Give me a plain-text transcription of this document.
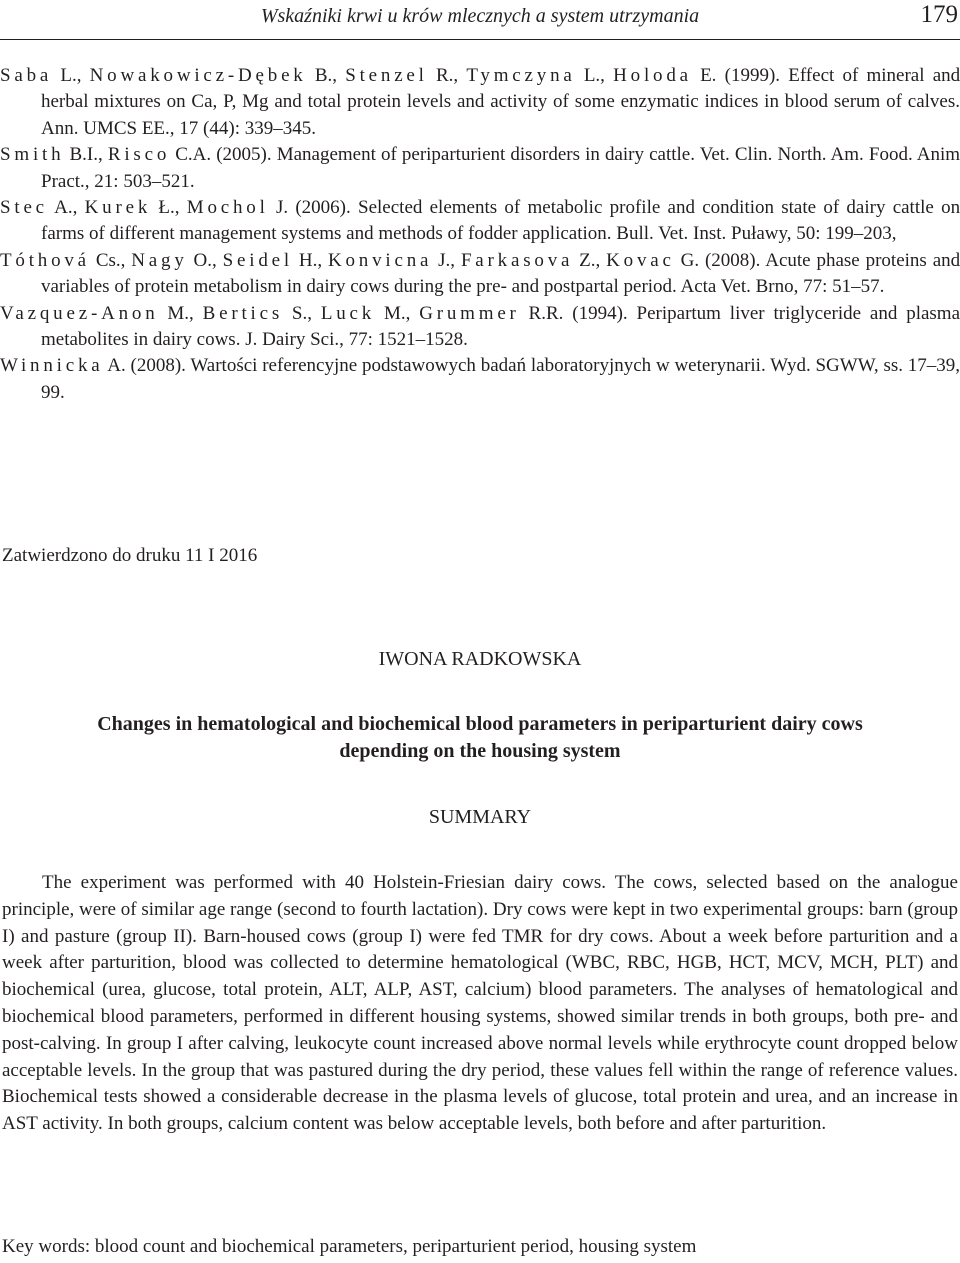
Wskaźniki krwi u krów mlecznych a system utrzymania	179
Saba L., Nowakowicz-Dębek B., Stenzel R., Tymczyna L., Holoda E. (1999). Effect of mineral and herbal mixtures on Ca, P, Mg and total protein levels and activity of some enzymatic indices in blood serum of calves. Ann. UMCS EE., 17 (44): 339–345.
Smith B.I., Risco C.A. (2005). Management of periparturient disorders in dairy cattle. Vet. Clin. North. Am. Food. Anim Pract., 21: 503–521.
Stec A., Kurek Ł., Mochol J. (2006). Selected elements of metabolic profile and condition state of dairy cattle on farms of different management systems and methods of fodder application. Bull. Vet. Inst. Puławy, 50: 199–203,
Tóthová Cs., Nagy O., Seidel H., Konvicna J., Farkasova Z., Kovac G. (2008). Acute phase proteins and variables of protein metabolism in dairy cows during the pre- and postpartal period. Acta Vet. Brno, 77: 51–57.
Vazquez-Anon M., Bertics S., Luck M., Grummer R.R. (1994). Peripartum liver triglyceride and plasma metabolites in dairy cows. J. Dairy Sci., 77: 1521–1528.
Winnicka A. (2008). Wartości referencyjne podstawowych badań laboratoryjnych w weterynarii. Wyd. SGWW, ss. 17–39, 99.
Zatwierdzono do druku 11 I 2016
IWONA RADKOWSKA
Changes in hematological and biochemical blood parameters in periparturient dairy cows
depending on the housing system
SUMMARY

The experiment was performed with 40 Holstein-Friesian dairy cows. The cows, selected based on the analogue principle, were of similar age range (second to fourth lactation). Dry cows were kept in two experimental groups: barn (group I) and pasture (group II). Barn-housed cows (group I) were fed TMR for dry cows. About a week before parturition and a week after parturition, blood was collected to determine hematological (WBC, RBC, HGB, HCT, MCV, MCH, PLT) and biochemical (urea, glucose, total protein, ALT, ALP, AST, calcium) blood parameters. The analyses of hematological and biochemical blood parameters, performed in different housing systems, showed similar trends in both groups, both pre- and post-calving. In group I after calving, leukocyte count increased above normal levels while erythrocyte count dropped below acceptable levels. In the group that was pastured during the dry period, these values fell within the range of reference values. Biochemical tests showed a considerable decrease in the plasma levels of glucose, total protein and urea, and an increase in AST activity. In both groups, calcium content was below acceptable levels, both before and after parturition.

Key words: blood count and biochemical parameters, periparturient period, housing system
